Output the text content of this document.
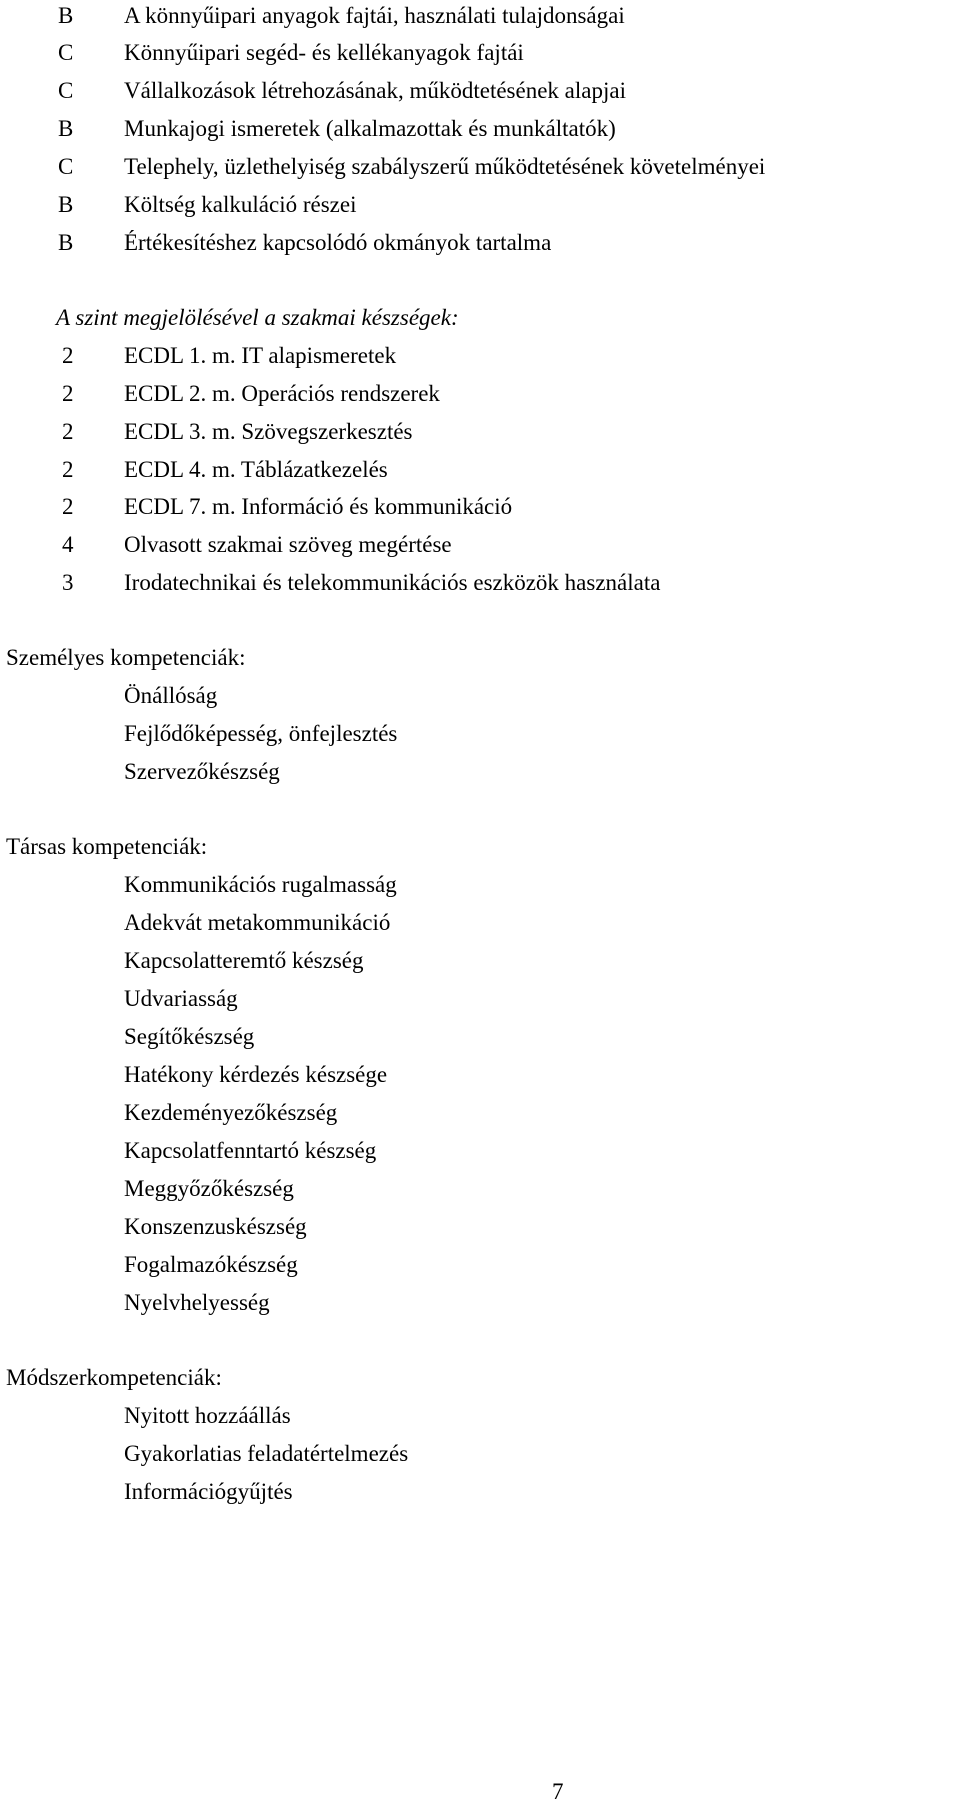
B	A könnyűipari anyagok fajtái, használati tulajdonságai
C	Könnyűipari segéd- és kellékanyagok fajtái
C	Vállalkozások létrehozásának, működtetésének alapjai
B	Munkajogi ismeretek (alkalmazottak és munkáltatók)
C	Telephely, üzlethelyiség szabályszerű működtetésének követelményei
B	Költség kalkuláció részei
B	Értékesítéshez kapcsolódó okmányok tartalma
A szint megjelölésével a szakmai készségek:
2	ECDL 1. m. IT alapismeretek
2	ECDL 2. m. Operációs rendszerek
2	ECDL 3. m. Szövegszerkesztés
2	ECDL 4. m. Táblázatkezelés
2	ECDL 7. m. Információ és kommunikáció
4	Olvasott szakmai szöveg megértése
3	Irodatechnikai és telekommunikációs eszközök használata
Személyes kompetenciák:
Önállóság
Fejlődőképesség, önfejlesztés
Szervezőkészség
Társas kompetenciák:
Kommunikációs rugalmasság
Adekvát metakommunikáció
Kapcsolatteremtő készség
Udvariasság
Segítőkészség
Hatékony kérdezés készsége
Kezdeményezőkészség
Kapcsolatfenntartó készség
Meggyőzőkészség
Konszenzuskészség
Fogalmazókészség
Nyelvhelyesség
Módszerkompetenciák:
Nyitott hozzáállás
Gyakorlatias feladatértelmezés
Információgyűjtés
7
